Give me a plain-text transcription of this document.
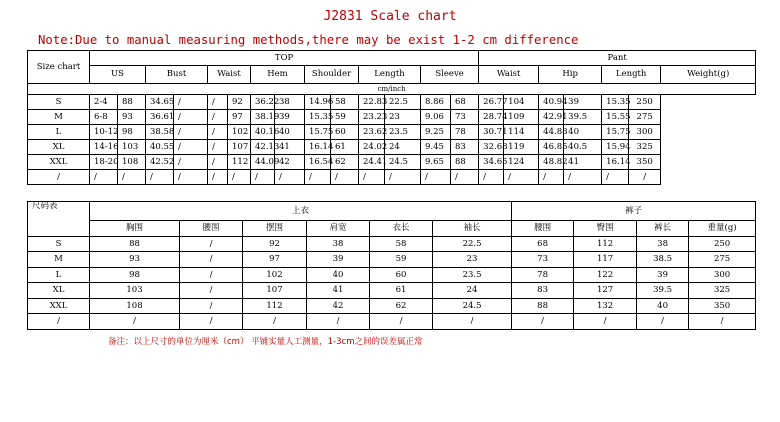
J2831 Scale chart
Note:Due to manual measuring methods,there may be exist 1-2 cm difference
Size chart	TOP														Pant						
	US		Bust		Waist		Hem		Shoulder		Length		Sleeve		Waist		Hip		Length		Weight(g)
cm/inch																					
S	2-4	88	34.65	/	/	92	36.22	38	14.96	58	22.83	22.5	8.86	68	26.77	104	40.94	39	15.35	250	
M	6-8	93	36.61	/	/	97	38.19	39	15.35	59	23.23	23	9.06	73	28.74	109	42.91	39.5	15.55	275	
L	10-12	98	38.58	/	/	102	40.16	40	15.75	60	23.62	23.5	9.25	78	30.71	114	44.88	40	15.75	300	
XL	14-16	103	40.55	/	/	107	42.13	41	16.14	61	24.02	24	9.45	83	32.68	119	46.85	40.5	15.94	325	
XXL	18-20	108	42.52	/	/	112	44.09	42	16.54	62	24.41	24.5	9.65	88	34.65	124	48.82	41	16.14	350	
/	/	/	/	/	/	/	/	/	/	/	/	/	/	/	/	/	/	/	/	/	
尺码表	上衣						裤子			
	胸围	腰围	摆围	肩宽	衣长	袖长	腰围	臀围	裤长	重量(g)
S	88	/	92	38	58	22.5	68	112	38	250
M	93	/	97	39	59	23	73	117	38.5	275
L	98	/	102	40	60	23.5	78	122	39	300
XL	103	/	107	41	61	24	83	127	39.5	325
XXL	108	/	112	42	62	24.5	88	132	40	350
/	/	/	/	/	/	/	/	/	/	/
备注：以上尺寸的单位为厘米（cm） 平铺实量人工测量，1-3cm之间的误差属正常
